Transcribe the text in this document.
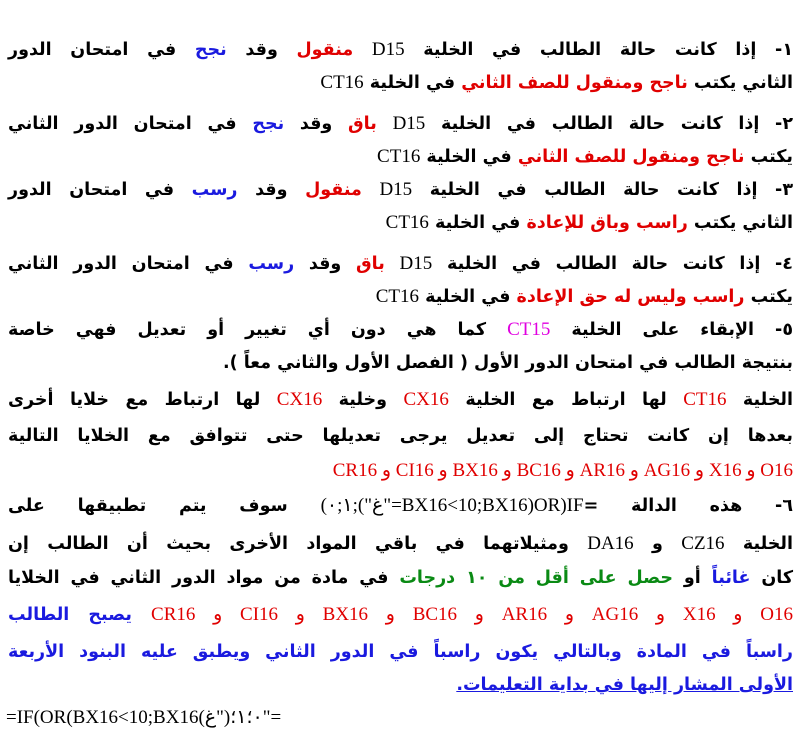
١- إذا كانت حالة الطالب في الخلية D15 منقول وقد نجح في امتحان الدور
الثاني يكتب ناجح ومنقول للصف الثاني في الخلية CT16
٢- إذا كانت حالة الطالب في الخلية D15 باق وقد نجح في امتحان الدور الثاني
يكتب ناجح ومنقول للصف الثاني في الخلية CT16
٣- إذا كانت حالة الطالب في الخلية D15 منقول وقد رسب في امتحان الدور
الثاني يكتب راسب وباق للإعادة في الخلية CT16
٤- إذا كانت حالة الطالب في الخلية D15 باق وقد رسب في امتحان الدور الثاني
يكتب راسب وليس له حق الإعادة في الخلية CT16
٥- الإبقاء على الخلية CT15 كما هي دون أي تغيير أو تعديل فهي خاصة
بنتيجة الطالب في امتحان الدور الأول ( الفصل الأول والثاني معاً ).
الخلية CT16 لها ارتباط مع الخلية CX16 وخلية CX16 لها ارتباط مع خلايا أخرى
بعدها إن كانت تحتاج إلى تعديل يرجى تعديلها حتى تتوافق مع الخلايا التالية
O16 و X16 و AG16 و AR16 و BC16 و BX16 و CI16 و CR16
٦- هذه الدالة =IF(OR(BX16<10;BX16="غ");١;٠) سوف يتم تطبيقها على
الخلية CZ16 و DA16 ومثيلاتهما في باقي المواد الأخرى بحيث أن الطالب إن
كان غائباً أو حصل على أقل من ١٠ درجات في مادة من مواد الدور الثاني في الخلايا
O16 و X16 و AG16 و AR16 و BC16 و BX16 و CI16 و CR16 يصبح الطالب
راسباً في المادة وبالتالي يكون راسباً في الدور الثاني ويطبق عليه البنود الأربعة
الأولى المشار إليها في بداية التعليمات.
=IF(OR(BX16<10;BX16(٠؛١؛("غ"=
